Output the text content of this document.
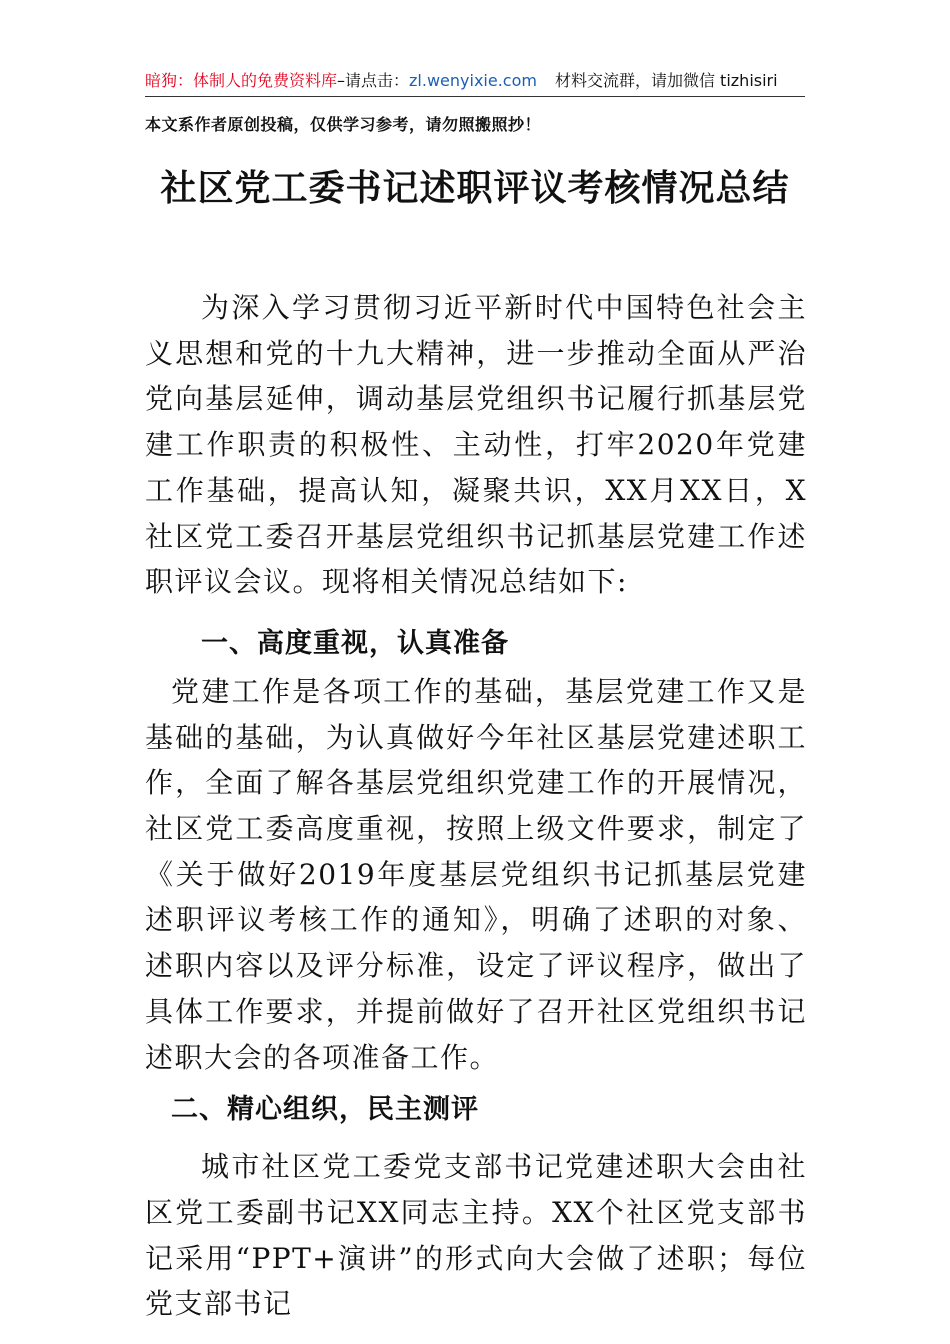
暗狗：体制人的免费资料库–请点击：zl.wenyixie.com 材料交流群，请加微信 tizhisiri
本文系作者原创投稿，仅供学习参考，请勿照搬照抄！
社区党工委书记述职评议考核情况总结

为深入学习贯彻习近平新时代中国特色社会主义思想和党的十九大精神，进一步推动全面从严治党向基层延伸，调动基层党组织书记履行抓基层党建工作职责的积极性、主动性，打牢2020年党建工作基础，提高认知，凝聚共识，XX月XX日，X社区党工委召开基层党组织书记抓基层党建工作述职评议会议。现将相关情况总结如下:

一、高度重视，认真准备

党建工作是各项工作的基础，基层党建工作又是基础的基础，为认真做好今年社区基层党建述职工作，全面了解各基层党组织党建工作的开展情况，社区党工委高度重视，按照上级文件要求，制定了《关于做好2019年度基层党组织书记抓基层党建述职评议考核工作的通知》，明确了述职的对象、述职内容以及评分标准，设定了评议程序，做出了具体工作要求，并提前做好了召开社区党组织书记述职大会的各项准备工作。

二、精心组织，民主测评

城市社区党工委党支部书记党建述职大会由社区党工委副书记XX同志主持。XX个社区党支部书记采用“PPT+演讲”的形式向大会做了述职；每位党支部书记
